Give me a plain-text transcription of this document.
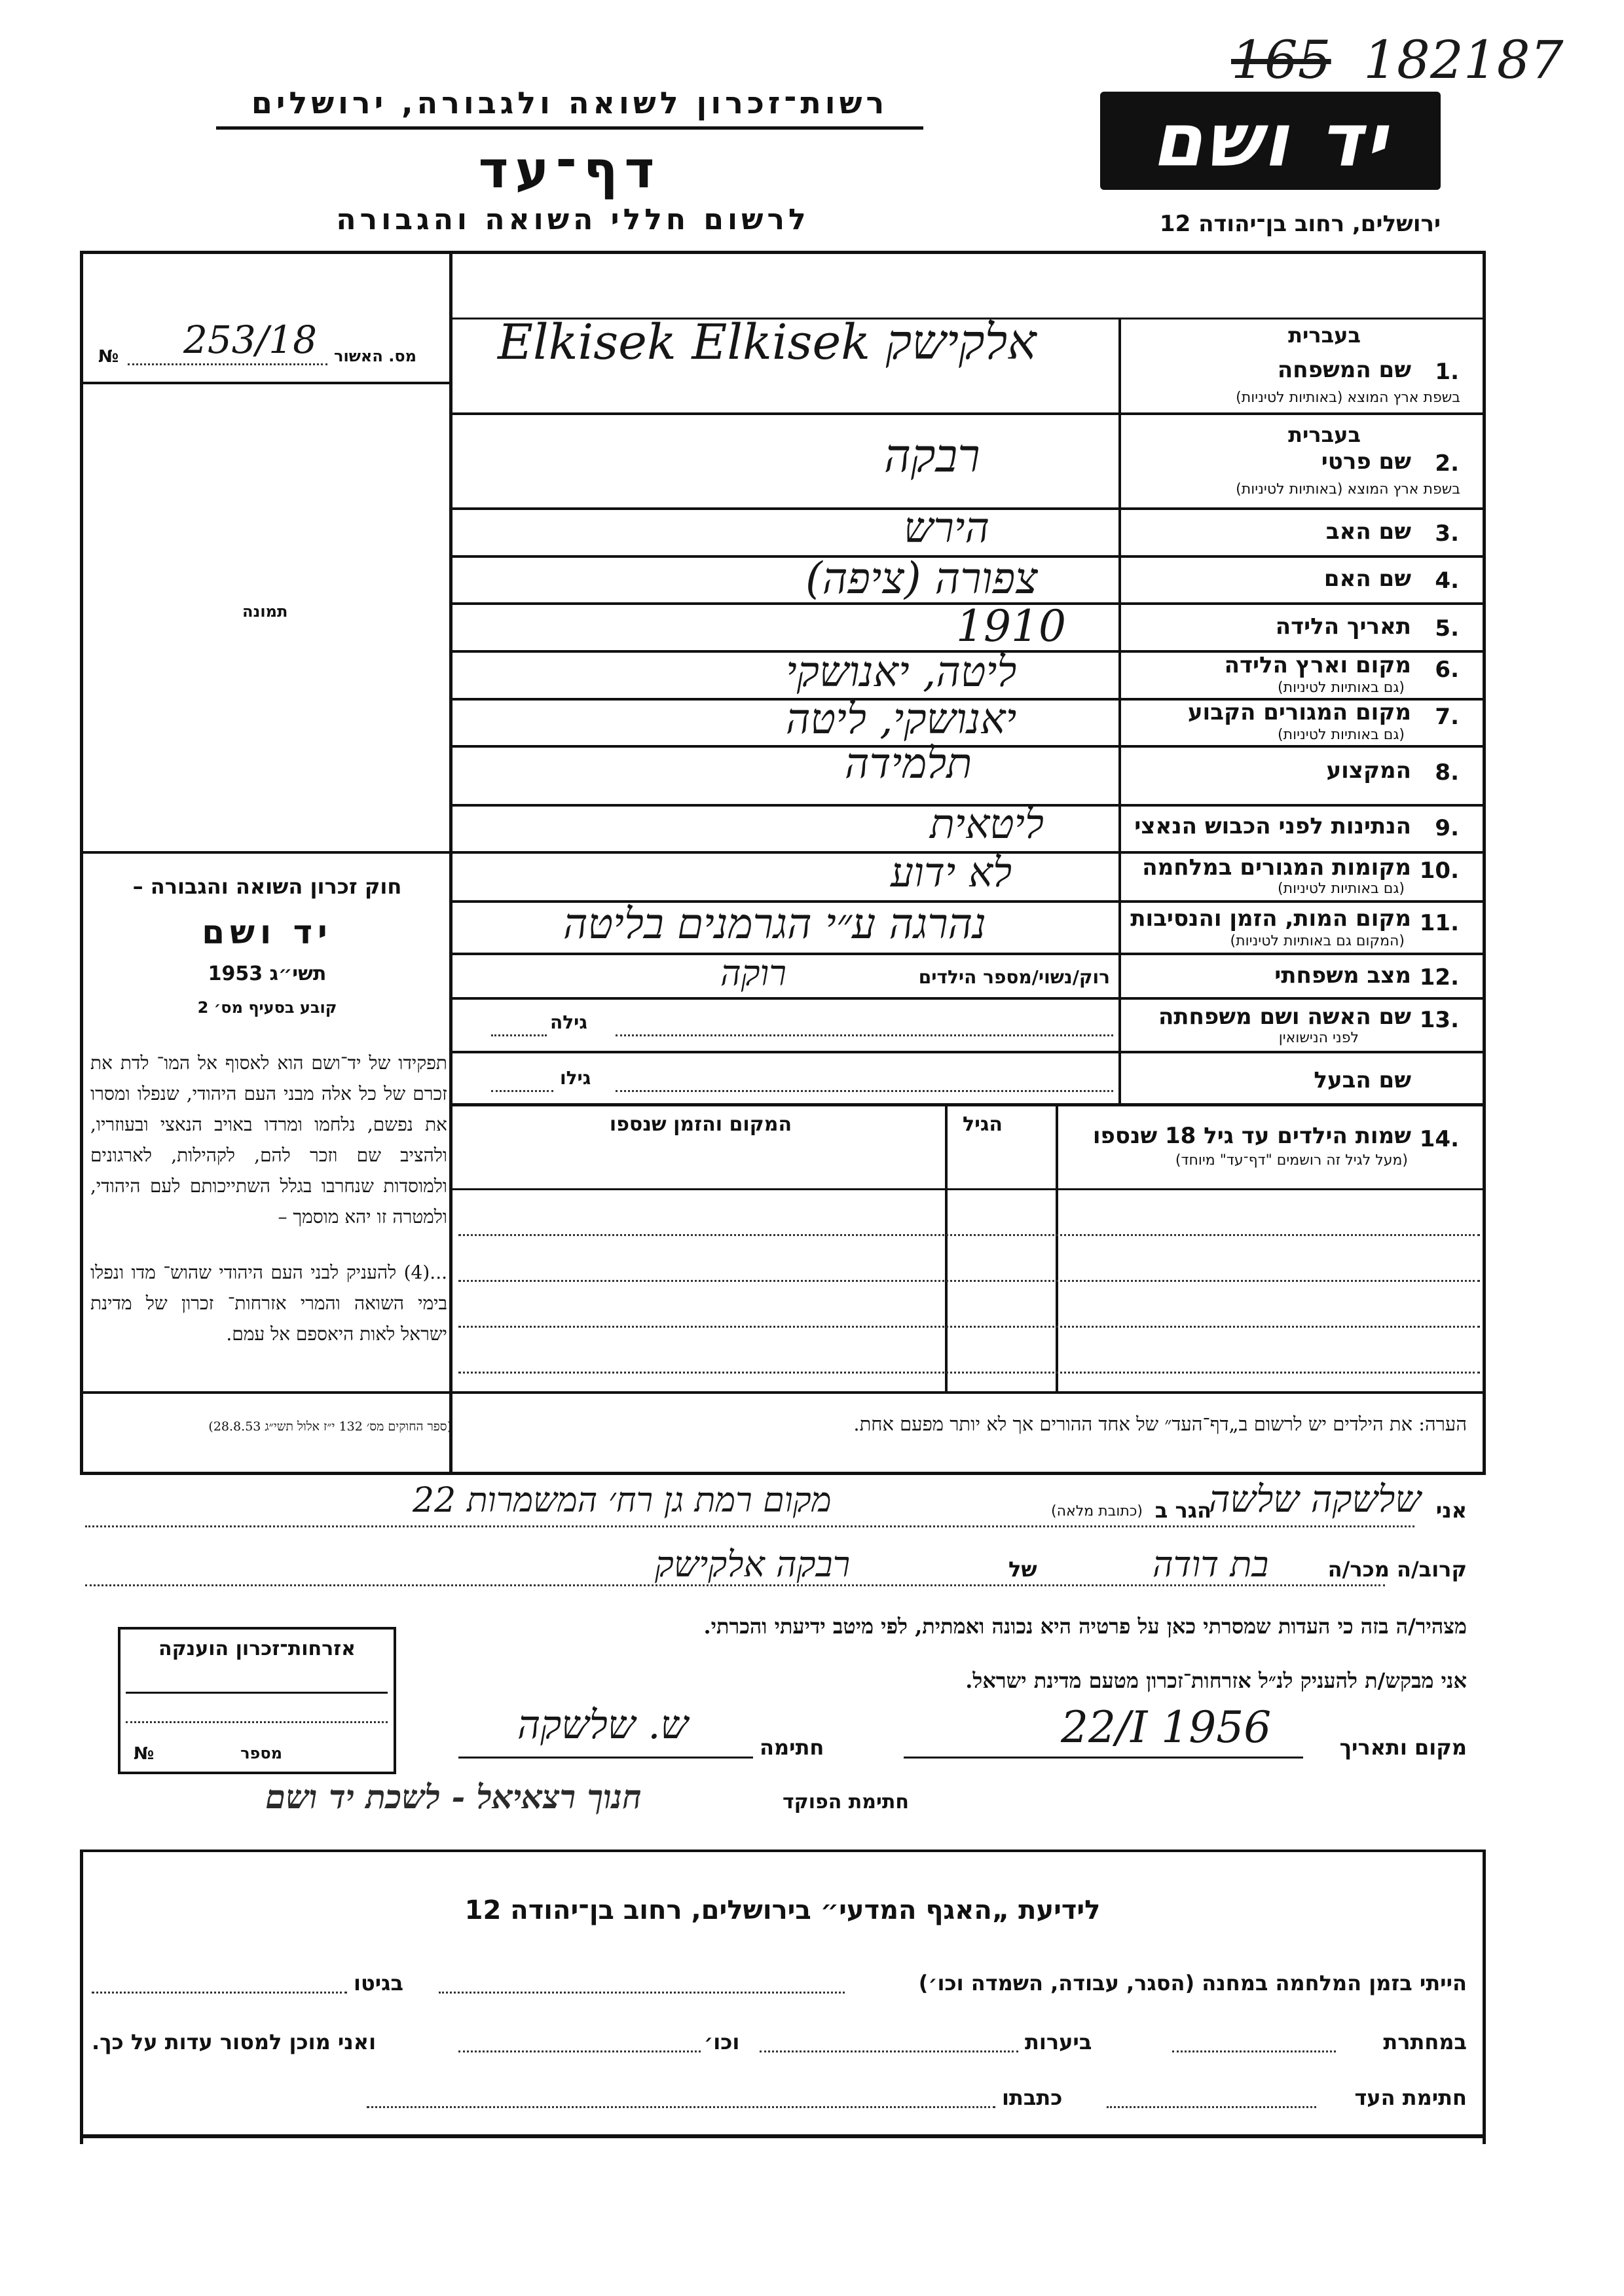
165 182187
יד ושם
רשות־זכרון לשואה ולגבורה, ירושלים
דף־עד
לרשום חללי השואה והגבורה	ירושלים, רחוב בן־יהודה 12
מס. האשור
№ 253/18
תמונה
חוק זכרון השואה והגבורה –
יד ושם
תשי״ג 1953
קובע בסעיף מס׳ 2
תפקידו של יד־ושם הוא לאסוף אל המו־ לדת את זכרם של כל אלה מבני העם היהודי, שנפלו ומסרו את נפשם, נלחמו ומרדו באויב הנאצי ובעוזריו, ולהציב שם וזכר להם, לקהילות, לארגונים ולמוסדות שנחרבו בגלל השתייכותם לעם היהודי, ולמטרה זו יהא מוסמך –
...(4) להעניק לבני העם היהודי שהוש־ מדו ונפלו בימי השואה והמרי אזרחות־ זכרון של מדינת ישראל לאות היאספם אל עמם.
(ספר החוקים מס׳ 132 י״ז אלול תשי״ג 28.8.53)
בעברית
1.
שם המשפחה
בשפת ארץ המוצא (באותיות לטיניות)
Elkisek Elkisek אלקישק
בעברית
2.
שם פרטי
בשפת ארץ המוצא (באותיות לטיניות)
רבקה
3.
שם האב
הירש
4.
שם האם
צפורה (ציפה)
5.
תאריך הלידה
1910
6.
מקום וארץ הלידה
(גם באותיות לטיניות)
ליטה, יאנושקי
7.
מקום המגורים הקבוע
(גם באותיות לטיניות)
יאנושקי, ליטה
8.
המקצוע
תלמידה
9.
הנתינות לפני הכבוש הנאצי
ליטאית
10.
מקומות המגורים במלחמה
(גם באותיות לטיניות)
לא ידוע
11.
מקום המות, הזמן והנסיבות
(המקום גם באותיות לטיניות)
נהרגה ע״י הגרמנים בליטה
12.
מצב משפחתי
רוק/נשוי/מספר הילדים
רוקה
13.
שם האשה ושם משפחתה
לפני הנישואין
גילה
שם הבעל
גילו
14.
שמות הילדים עד גיל 18 שנספו
(מעל לגיל זה רושמים "דף־עד" מיוחד)
הגיל
המקום והזמן שנספו
הערה: את הילדים יש לרשום ב„דף־העד״ של אחד ההורים אך לא יותר מפעם אחת.
אני
שלשקה שלשה
הגר ב
(כתובת מלאה)
מקום רמת גן רח׳ המשמרות 22
קרוב/ה מכר/ה
בת דודה
של
רבקה אלקישק
מצהיר/ה בזה כי העדות שמסרתי כאן על פרטיה היא נכונה ואמתית, לפי מיטב ידיעתי והכרתי.
אני מבקש/ת להעניק לנ״ל אזרחות־זכרון מטעם מדינת ישראל.
מקום ותאריך
22/I 1956
חתימה
ש. שלשקה
חתימת הפוקד
חנוך רצאיאל - לשכת יד ושם
אזרחות־זכרון הוענקה
מספר
№
לידיעת „האגף המדעי״ בירושלים, רחוב בן־יהודה 12
הייתי בזמן המלחמה במחנה (הסגר, עבודה, השמדה וכו׳)
בגיטו
במחתרת
ביערות
וכו׳
ואני מוכן למסור עדות על כך.
חתימת העד
כתבתו
